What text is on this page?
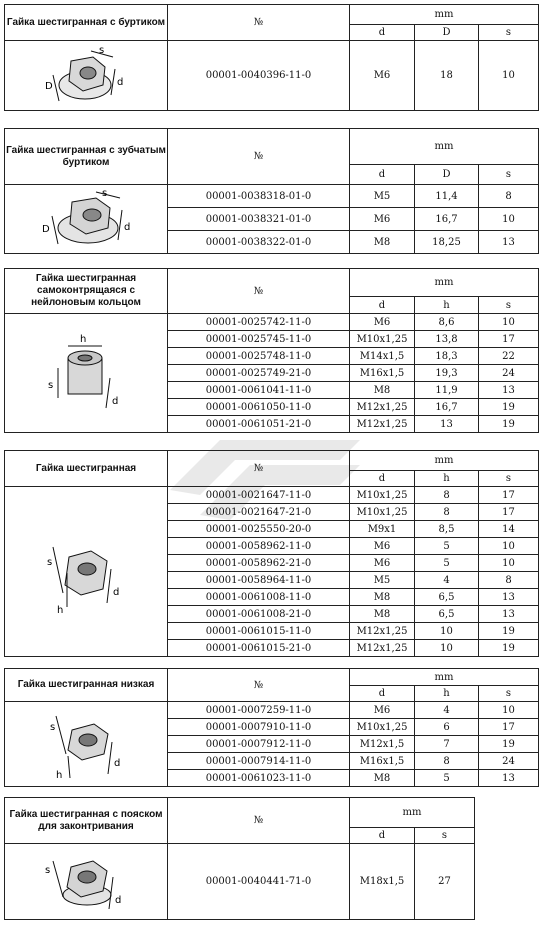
Гайка шестигранная с буртиком	№	mm		
		d	D	s

s
D d	00001-0040396-11-0	M6	18	10
Гайка шестигранная с зубчатым буртиком	№	mm		
		d	D	s

s
D d	00001-0038318-01-0	M5	11,4	8
	00001-0038321-01-0	M6	16,7	10
	00001-0038322-01-0	M8	18,25	13
Гайка шестигранная самоконтрящаяся с нейлоновым кольцом	№	mm		
		d	h	s

h
s
d	00001-0025742-11-0	M6	8,6	10
	00001-0025745-11-0	M10x1,25	13,8	17
	00001-0025748-11-0	M14x1,5	18,3	22
	00001-0025749-21-0	M16x1,5	19,3	24
	00001-0061041-11-0	M8	11,9	13
	00001-0061050-11-0	M12x1,25	16,7	19
	00001-0061051-21-0	M12x1,25	13	19
Гайка шестигранная	№	mm		
		d	h	s

s
h
d	00001-0021647-11-0	M10x1,25	8	17
	00001-0021647-21-0	M10x1,25	8	17
	00001-0025550-20-0	M9x1	8,5	14
	00001-0058962-11-0	M6	5	10
	00001-0058962-21-0	M6	5	10
	00001-0058964-11-0	M5	4	8
	00001-0061008-11-0	M8	6,5	13
	00001-0061008-21-0	M8	6,5	13
	00001-0061015-11-0	M12x1,25	10	19
	00001-0061015-21-0	M12x1,25	10	19
Гайка шестигранная низкая	№	mm		
		d	h	s

s
h
d	00001-0007259-11-0	M6	4	10
	00001-0007910-11-0	M10x1,25	6	17
	00001-0007912-11-0	M12x1,5	7	19
	00001-0007914-11-0	M16x1,5	8	24
	00001-0061023-11-0	M8	5	13
Гайка шестигранная с пояском для законтривания	№	mm	
		d	s

s
d	00001-0040441-71-0	M18x1,5	27
